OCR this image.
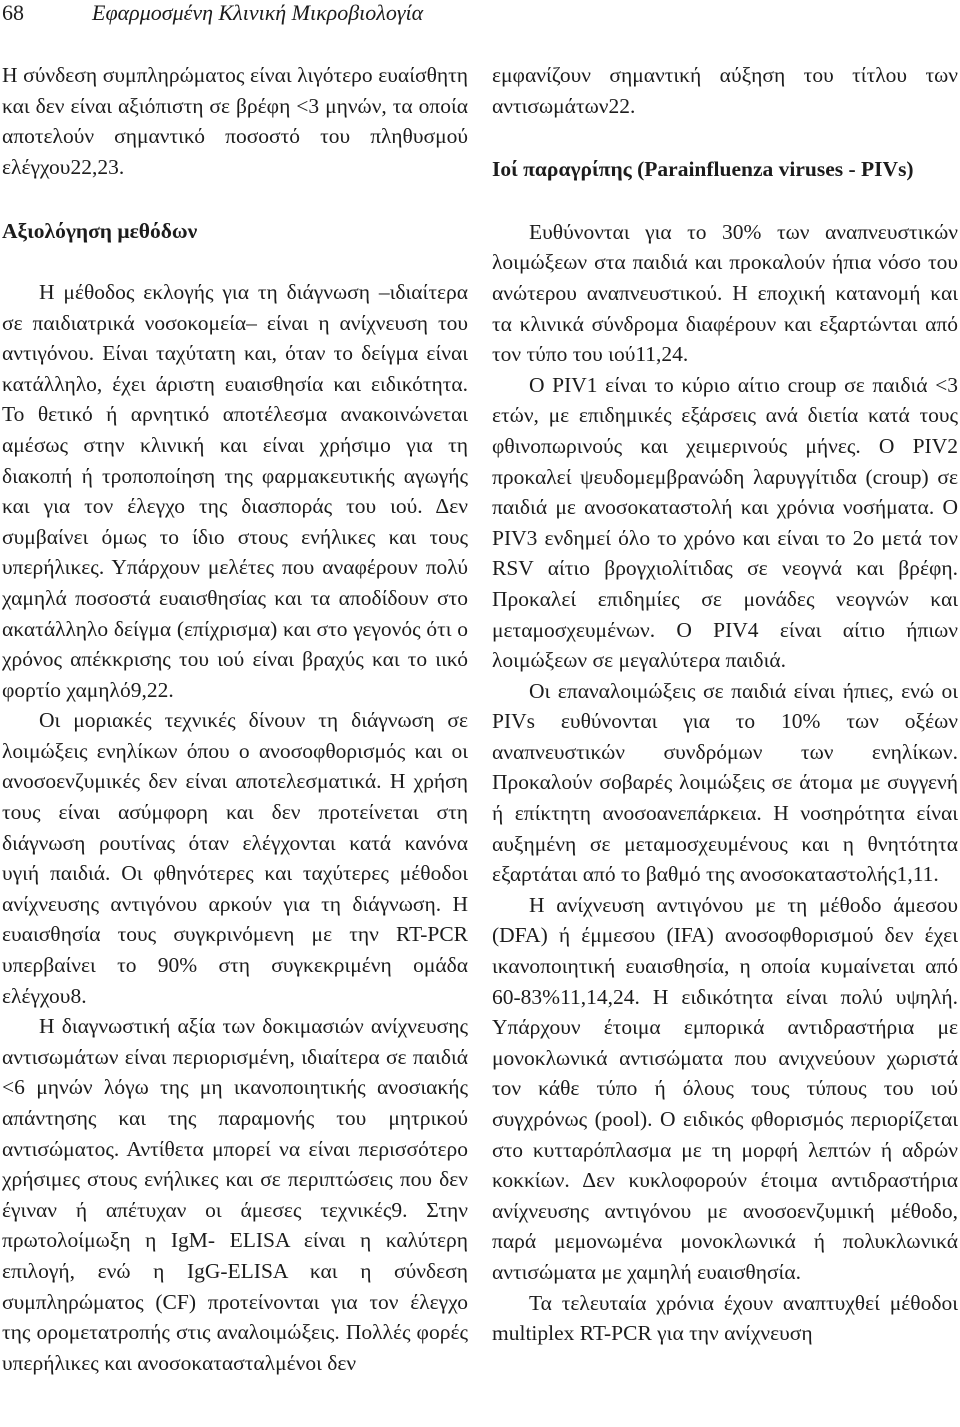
68	Εφαρμοσμένη Κλινική Μικροβιολογία

Η σύνδεση συμπληρώματος είναι λιγότερο ευαίσθητη και δεν είναι αξιόπιστη σε βρέφη <3 μηνών, τα οποία αποτελούν σημαντικό ποσοστό του πληθυσμού ελέγχου22,23.

Αξιολόγηση μεθόδων

Η μέθοδος εκλογής για τη διάγνωση –ιδιαίτερα σε παιδιατρικά νοσοκομεία– είναι η ανίχνευση του αντιγόνου. Είναι ταχύτατη και, όταν το δείγμα είναι κατάλληλο, έχει άριστη ευαισθησία και ειδικότητα. Το θετικό ή αρνητικό αποτέλεσμα ανακοινώνεται αμέσως στην κλινική και είναι χρήσιμο για τη διακοπή ή τροποποίηση της φαρμακευτικής αγωγής και για τον έλεγχο της διασποράς του ιού. Δεν συμβαίνει όμως το ίδιο στους ενήλικες και τους υπερήλικες. Υπάρχουν μελέτες που αναφέρουν πολύ χαμηλά ποσοστά ευαισθησίας και τα αποδίδουν στο ακατάλληλο δείγμα (επίχρισμα) και στο γεγονός ότι ο χρόνος απέκκρισης του ιού είναι βραχύς και το ιικό φορτίο χαμηλό9,22.

Οι μοριακές τεχνικές δίνουν τη διάγνωση σε λοιμώξεις ενηλίκων όπου ο ανοσοφθορισμός και οι ανοσοενζυμικές δεν είναι αποτελεσματικά. Η χρήση τους είναι ασύμφορη και δεν προτείνεται στη διάγνωση ρουτίνας όταν ελέγχονται κατά κανόνα υγιή παιδιά. Οι φθηνότερες και ταχύτερες μέθοδοι ανίχνευσης αντιγόνου αρκούν για τη διάγνωση. Η ευαισθησία τους συγκρινόμενη με την RT-PCR υπερβαίνει το 90% στη συγκεκριμένη ομάδα ελέγχου8.

Η διαγνωστική αξία των δοκιμασιών ανίχνευσης αντισωμάτων είναι περιορισμένη, ιδιαίτερα σε παιδιά <6 μηνών λόγω της μη ικανοποιητικής ανοσιακής απάντησης και της παραμονής του μητρικού αντισώματος. Αντίθετα μπορεί να είναι περισσότερο χρήσιμες στους ενήλικες και σε περιπτώσεις που δεν έγιναν ή απέτυχαν οι άμεσες τεχνικές9. Στην πρωτολοίμωξη η IgM- ELISA είναι η καλύτερη επιλογή, ενώ η IgG-ELISA και η σύνδεση συμπληρώματος (CF) προτείνονται για τον έλεγχο της ορομετατροπής στις αναλοιμώξεις. Πολλές φορές υπερήλικες και ανοσοκατασταλμένοι δεν

εμφανίζουν σημαντική αύξηση του τίτλου των αντισωμάτων22.

Ιοί παραγρίπης (Parainfluenza viruses - PIVs)

Ευθύνονται για το 30% των αναπνευστικών λοιμώξεων στα παιδιά και προκαλούν ήπια νόσο του ανώτερου αναπνευστικού. Η εποχική κατανομή και τα κλινικά σύνδρομα διαφέρουν και εξαρτώνται από τον τύπο του ιού11,24.

Ο PIV1 είναι το κύριο αίτιο croup σε παιδιά <3 ετών, με επιδημικές εξάρσεις ανά διετία κατά τους φθινοπωρινούς και χειμερινούς μήνες. Ο PIV2 προκαλεί ψευδομεμβρανώδη λαρυγγίτιδα (croup) σε παιδιά με ανοσοκαταστολή και χρόνια νοσήματα. Ο PIV3 ενδημεί όλο το χρόνο και είναι το 2ο μετά τον RSV αίτιο βρογχιολίτιδας σε νεογνά και βρέφη. Προκαλεί επιδημίες σε μονάδες νεογνών και μεταμοσχευμένων. Ο PIV4 είναι αίτιο ήπιων λοιμώξεων σε μεγαλύτερα παιδιά.

Οι επαναλοιμώξεις σε παιδιά είναι ήπιες, ενώ οι PIVs ευθύνονται για το 10% των οξέων αναπνευστικών συνδρόμων των ενηλίκων. Προκαλούν σοβαρές λοιμώξεις σε άτομα με συγγενή ή επίκτητη ανοσοανεπάρκεια. Η νοσηρότητα είναι αυξημένη σε μεταμοσχευμένους και η θνητότητα εξαρτάται από το βαθμό της ανοσοκαταστολής1,11.

Η ανίχνευση αντιγόνου με τη μέθοδο άμεσου (DFA) ή έμμεσου (IFA) ανοσοφθορισμού δεν έχει ικανοποιητική ευαισθησία, η οποία κυμαίνεται από 60-83%11,14,24. Η ειδικότητα είναι πολύ υψηλή. Υπάρχουν έτοιμα εμπορικά αντιδραστήρια με μονοκλωνικά αντισώματα που ανιχνεύουν χωριστά τον κάθε τύπο ή όλους τους τύπους του ιού συγχρόνως (pool). Ο ειδικός φθορισμός περιορίζεται στο κυτταρόπλασμα με τη μορφή λεπτών ή αδρών κοκκίων. Δεν κυκλοφορούν έτοιμα αντιδραστήρια ανίχνευσης αντιγόνου με ανοσοενζυμική μέθοδο, παρά μεμονωμένα μονοκλωνικά ή πολυκλωνικά αντισώματα με χαμηλή ευαισθησία.

Τα τελευταία χρόνια έχουν αναπτυχθεί μέθοδοι multiplex RT-PCR για την ανίχνευση
